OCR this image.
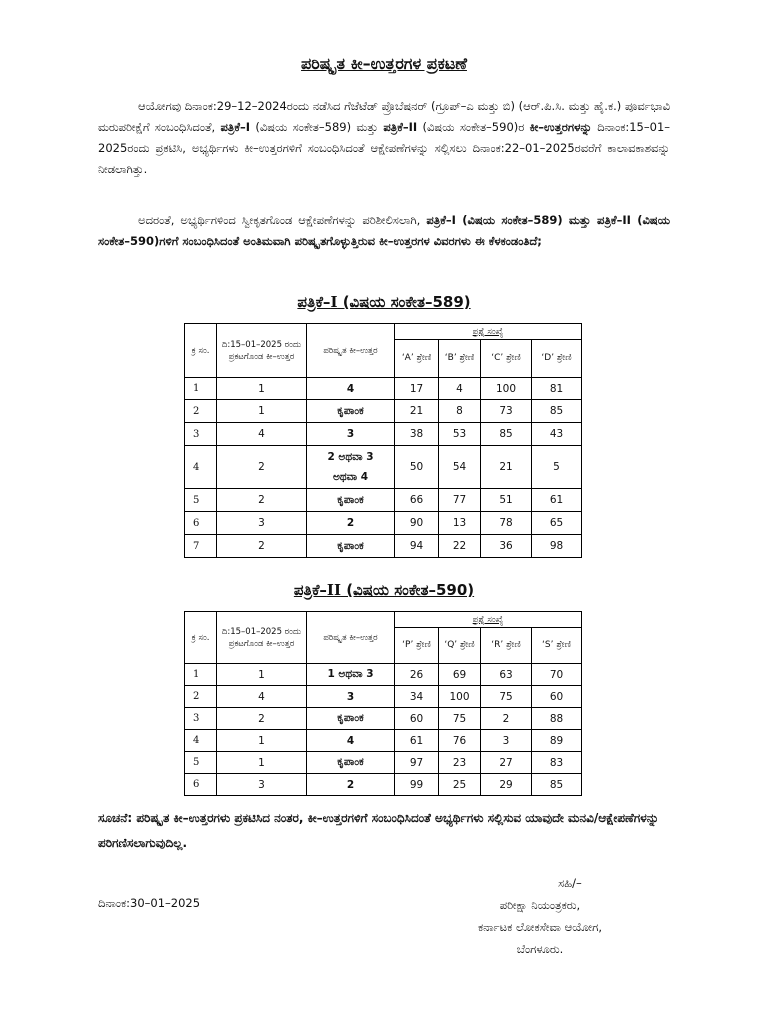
ಪರಿಷ್ಕೃತ ಕೀ–ಉತ್ತರಗಳ ಪ್ರಕಟಣೆ
ಆಯೋಗವು ದಿನಾಂಕ:29–12–2024ರಂದು ನಡೆಸಿದ ಗೆಜೆಟೆಡ್ ಪ್ರೊಬೆಷನರ್ (ಗ್ರೂಪ್–ಎ ಮತ್ತು ಬಿ) (ಆರ್.ಪಿ.ಸಿ. ಮತ್ತು ಹೈ.ಕ.) ಪೂರ್ವಭಾವಿ ಮರುಪರೀಕ್ಷೆಗೆ ಸಂಬಂಧಿಸಿದಂತೆ, ಪತ್ರಿಕೆ–I (ವಿಷಯ ಸಂಕೇತ–589) ಮತ್ತು ಪತ್ರಿಕೆ–II (ವಿಷಯ ಸಂಕೇತ–590)ರ ಕೀ–ಉತ್ತರಗಳನ್ನು ದಿನಾಂಕ:15–01–2025ರಂದು ಪ್ರಕಟಿಸಿ, ಅಭ್ಯರ್ಥಿಗಳು ಕೀ–ಉತ್ತರಗಳಿಗೆ ಸಂಬಂಧಿಸಿದಂತೆ ಆಕ್ಷೇಪಣೆಗಳನ್ನು ಸಲ್ಲಿಸಲು ದಿನಾಂಕ:22–01–2025ರವರೆಗೆ ಕಾಲಾವಕಾಶವನ್ನು ನೀಡಲಾಗಿತ್ತು.
ಅದರಂತೆ, ಅಭ್ಯರ್ಥಿಗಳಿಂದ ಸ್ವೀಕೃತಗೊಂಡ ಆಕ್ಷೇಪಣೆಗಳನ್ನು ಪರಿಶೀಲಿಸಲಾಗಿ, ಪತ್ರಿಕೆ–I (ವಿಷಯ ಸಂಕೇತ–589) ಮತ್ತು ಪತ್ರಿಕೆ–II (ವಿಷಯ ಸಂಕೇತ–590)ಗಳಿಗೆ ಸಂಬಂಧಿಸಿದಂತೆ ಅಂತಿಮವಾಗಿ ಪರಿಷ್ಕೃತಗೊಳ್ಳುತ್ತಿರುವ ಕೀ–ಉತ್ತರಗಳ ವಿವರಗಳು ಈ ಕೆಳಕಂಡಂತಿದೆ;
ಪತ್ರಿಕೆ–I (ವಿಷಯ ಸಂಕೇತ–589)
ಕ್ರ ಸಂ.	ದಿ:15–01–2025 ರಂದು ಪ್ರಕಟಗೊಂಡ ಕೀ–ಉತ್ತರ	ಪರಿಷ್ಕೃತ ಕೀ–ಉತ್ತರ	ಪ್ರಶ್ನೆ ಸಂಖ್ಯೆ			
			‘A’ ಶ್ರೇಣಿ	‘B’ ಶ್ರೇಣಿ	‘C’ ಶ್ರೇಣಿ	‘D’ ಶ್ರೇಣಿ
1	1	4	17	4	100	81
2	1	ಕೃಪಾಂಕ	21	8	73	85
3	4	3	38	53	85	43
4	2	2 ಅಥವಾ 3 ಅಥವಾ 4	50	54	21	5
5	2	ಕೃಪಾಂಕ	66	77	51	61
6	3	2	90	13	78	65
7	2	ಕೃಪಾಂಕ	94	22	36	98
ಪತ್ರಿಕೆ–II (ವಿಷಯ ಸಂಕೇತ–590)
ಕ್ರ ಸಂ.	ದಿ:15–01–2025 ರಂದು ಪ್ರಕಟಗೊಂಡ ಕೀ–ಉತ್ತರ	ಪರಿಷ್ಕೃತ ಕೀ–ಉತ್ತರ	ಪ್ರಶ್ನೆ ಸಂಖ್ಯೆ			
			‘P’ ಶ್ರೇಣಿ	‘Q’ ಶ್ರೇಣಿ	‘R’ ಶ್ರೇಣಿ	‘S’ ಶ್ರೇಣಿ
1	1	1 ಅಥವಾ 3	26	69	63	70
2	4	3	34	100	75	60
3	2	ಕೃಪಾಂಕ	60	75	2	88
4	1	4	61	76	3	89
5	1	ಕೃಪಾಂಕ	97	23	27	83
6	3	2	99	25	29	85
ಸೂಚನೆ: ಪರಿಷ್ಕೃತ ಕೀ–ಉತ್ತರಗಳು ಪ್ರಕಟಿಸಿದ ನಂತರ, ಕೀ–ಉತ್ತರಗಳಿಗೆ ಸಂಬಂಧಿಸಿದಂತೆ ಅಭ್ಯರ್ಥಿಗಳು ಸಲ್ಲಿಸುವ ಯಾವುದೇ ಮನವಿ/ಆಕ್ಷೇಪಣೆಗಳನ್ನು ಪರಿಗಣಿಸಲಾಗುವುದಿಲ್ಲ.
ದಿನಾಂಕ:30–01–2025
ಸಹಿ/–
ಪರೀಕ್ಷಾ ನಿಯಂತ್ರಕರು,
ಕರ್ನಾಟಕ ಲೋಕಸೇವಾ ಆಯೋಗ,
ಬೆಂಗಳೂರು.
